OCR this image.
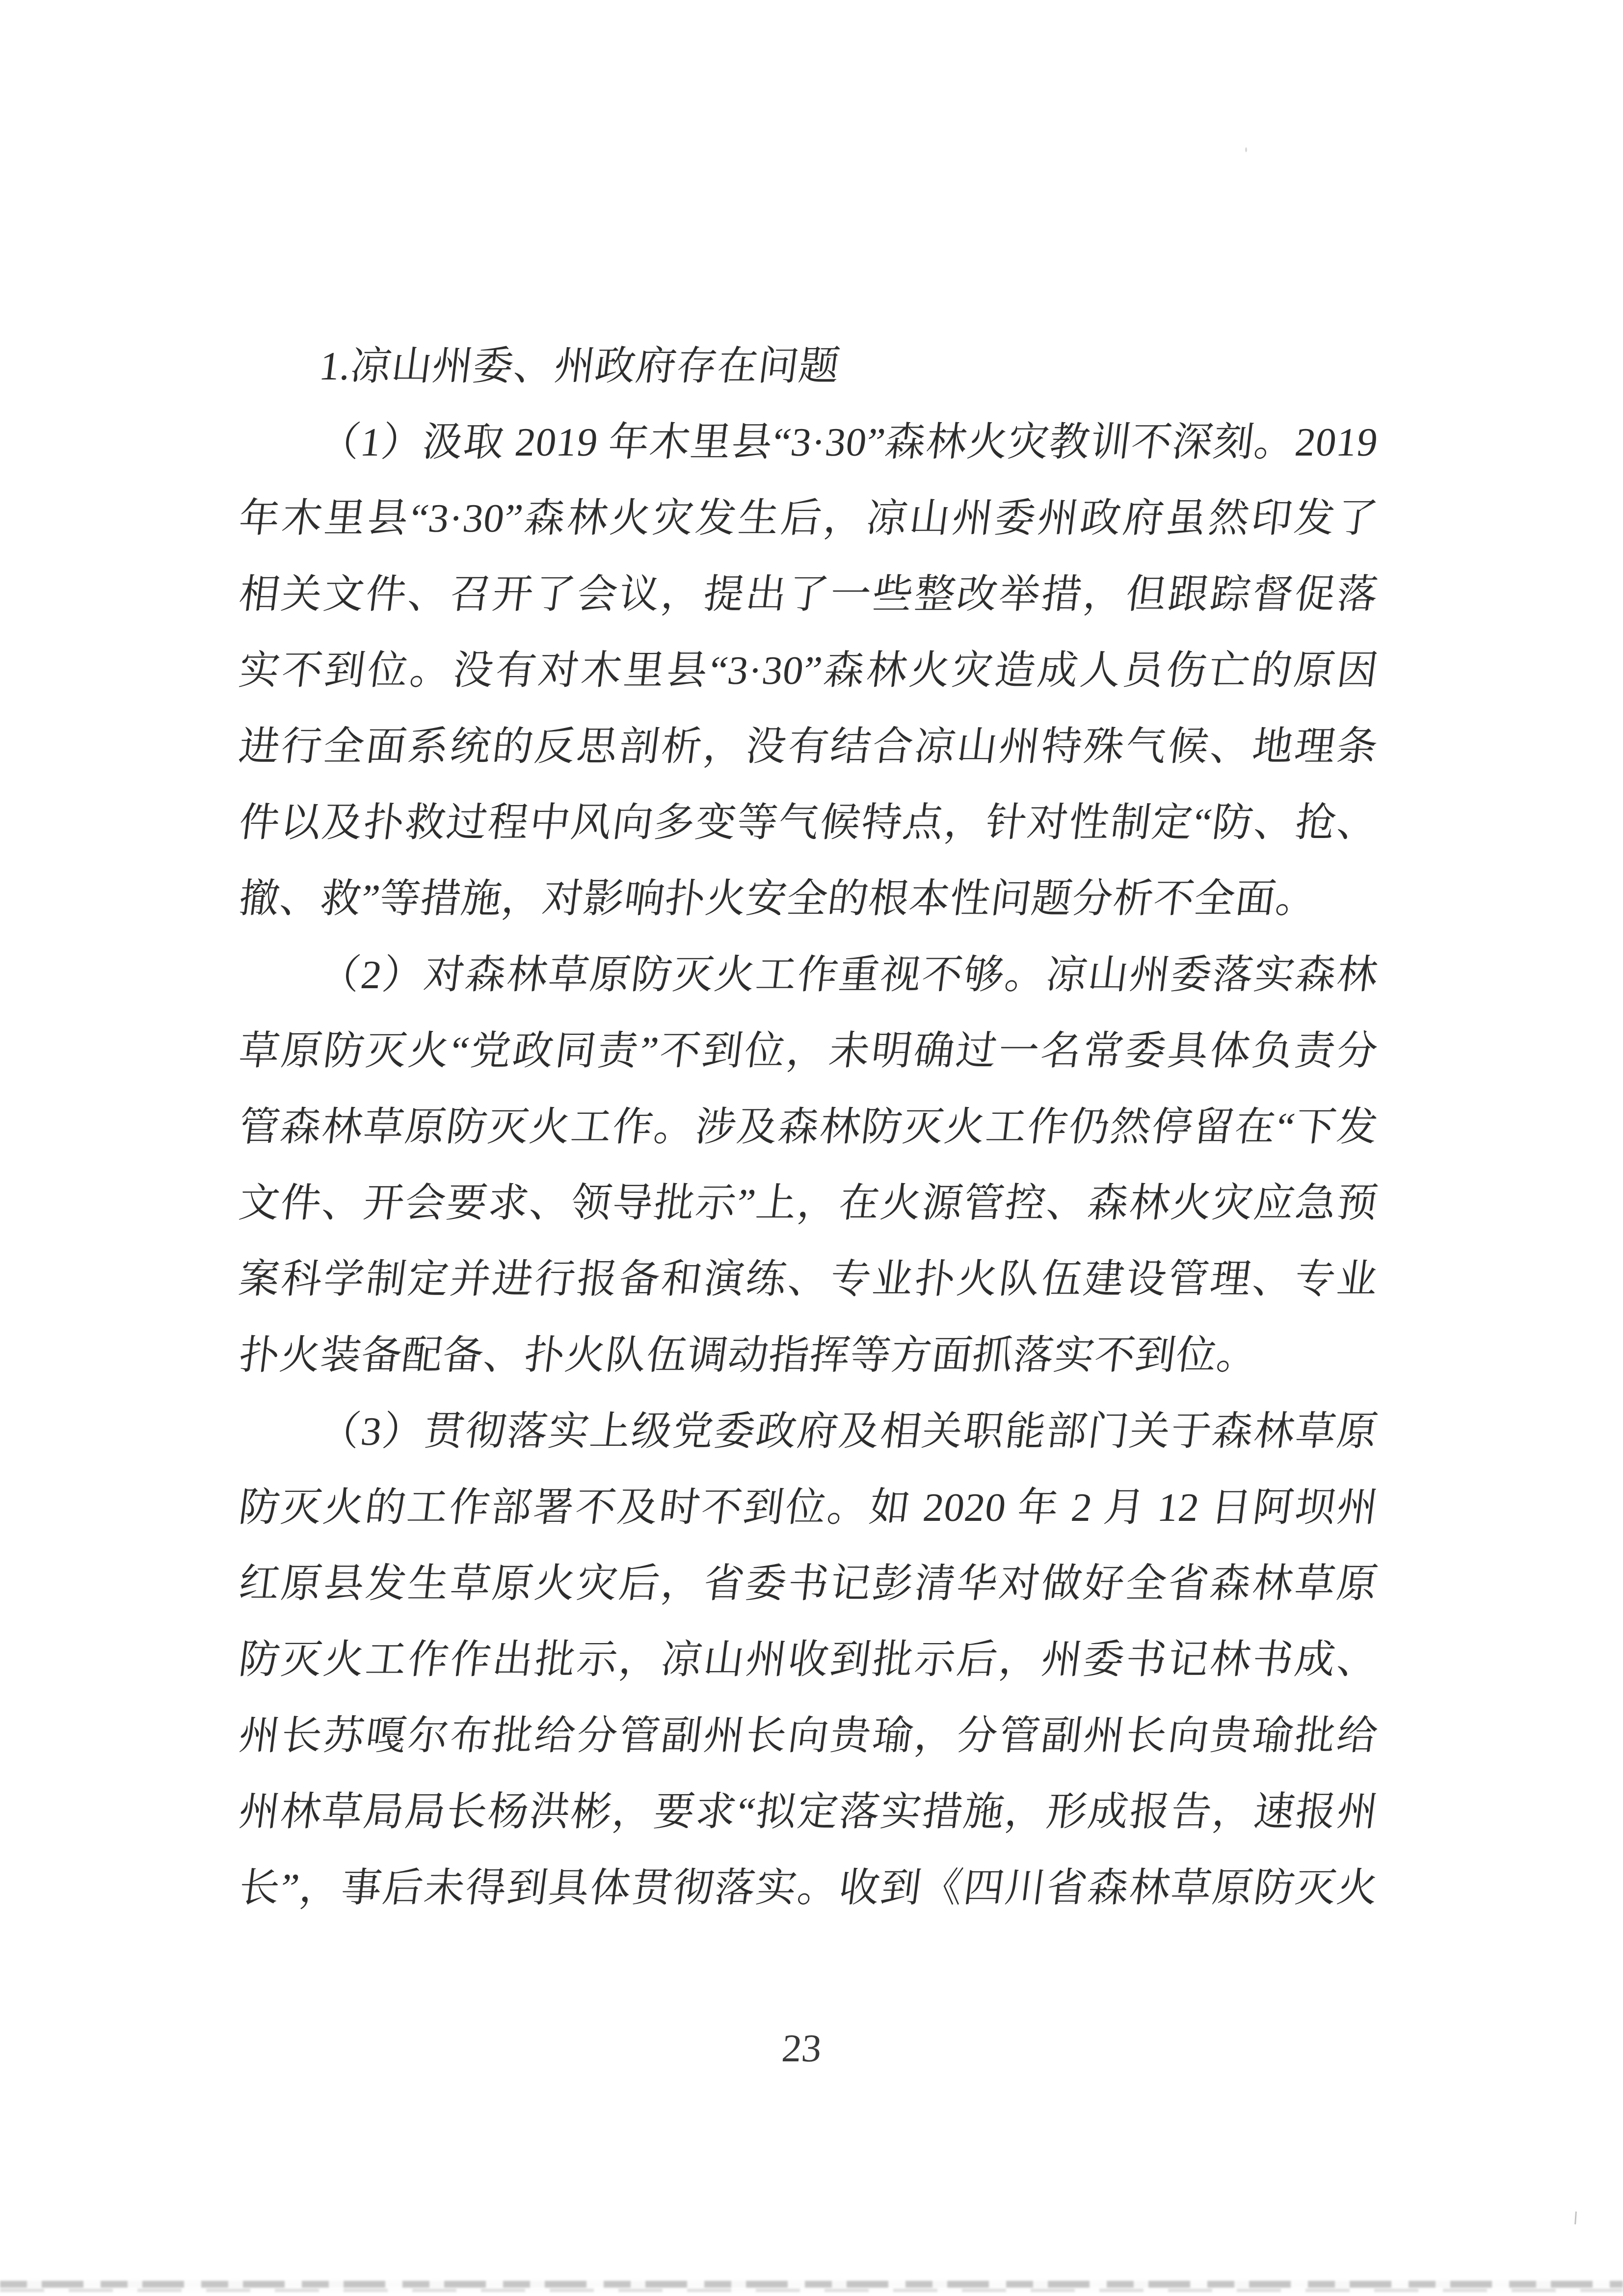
1.凉山州委、州政府存在问题
（1）汲取 2019 年木里县“3·30”森林火灾教训不深刻。2019
年木里县“3·30”森林火灾发生后，凉山州委州政府虽然印发了
相关文件、召开了会议，提出了一些整改举措，但跟踪督促落
实不到位。没有对木里县“3·30”森林火灾造成人员伤亡的原因
进行全面系统的反思剖析，没有结合凉山州特殊气候、地理条
件以及扑救过程中风向多变等气候特点，针对性制定“防、抢、
撤、救”等措施，对影响扑火安全的根本性问题分析不全面。
（2）对森林草原防灭火工作重视不够。凉山州委落实森林
草原防灭火“党政同责”不到位，未明确过一名常委具体负责分
管森林草原防灭火工作。涉及森林防灭火工作仍然停留在“下发
文件、开会要求、领导批示”上，在火源管控、森林火灾应急预
案科学制定并进行报备和演练、专业扑火队伍建设管理、专业
扑火装备配备、扑火队伍调动指挥等方面抓落实不到位。
（3）贯彻落实上级党委政府及相关职能部门关于森林草原
防灭火的工作部署不及时不到位。如 2020 年 2 月 12 日阿坝州
红原县发生草原火灾后，省委书记彭清华对做好全省森林草原
防灭火工作作出批示，凉山州收到批示后，州委书记林书成、
州长苏嘎尔布批给分管副州长向贵瑜，分管副州长向贵瑜批给
州林草局局长杨洪彬，要求“拟定落实措施，形成报告，速报州
长”，事后未得到具体贯彻落实。收到《四川省森林草原防灭火
23
